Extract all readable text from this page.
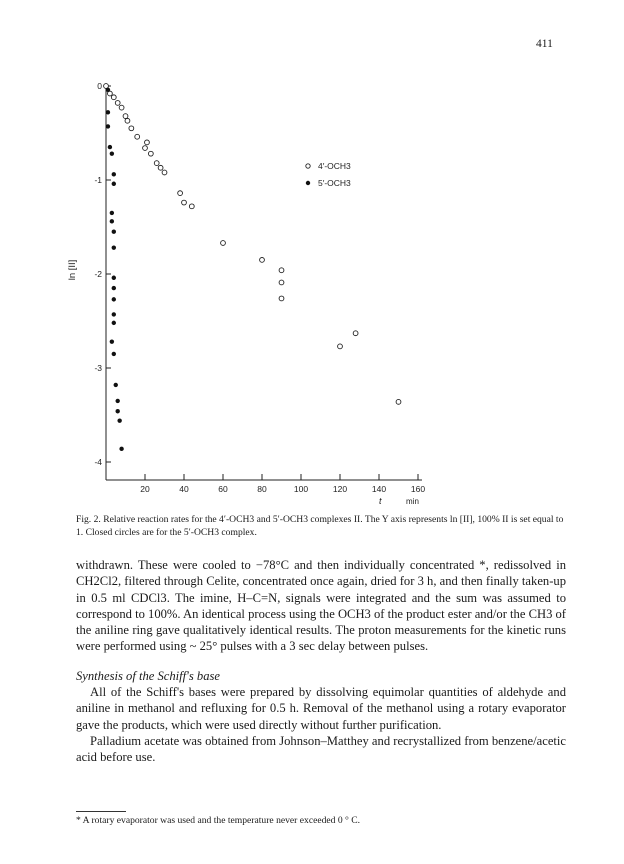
411
20	40	60	80	100	120	140	160
0
-1
-2
-3
-4
ln [II]
t	min
4′-OCH3
5′-OCH3
Fig. 2. Relative reaction rates for the 4′-OCH3 and 5′-OCH3 complexes II. The Y axis represents ln [II], 100% II is set equal to 1. Closed circles are for the 5′-OCH3 complex.

withdrawn. These were cooled to −78°C and then individually concentrated *, redissolved in CH2Cl2, filtered through Celite, concentrated once again, dried for 3 h, and then finally taken-up in 0.5 ml CDCl3. The imine, H–C=N, signals were integrated and the sum was assumed to correspond to 100%. An identical process using the OCH3 of the product ester and/or the CH3 of the aniline ring gave qualitatively identical results. The proton measurements for the kinetic runs were performed using ~ 25° pulses with a 3 sec delay between pulses.

Synthesis of the Schiff's base

All of the Schiff's bases were prepared by dissolving equimolar quantities of aldehyde and aniline in methanol and refluxing for 0.5 h. Removal of the methanol using a rotary evaporator gave the products, which were used directly without further purification.

Palladium acetate was obtained from Johnson–Matthey and recrystallized from benzene/acetic acid before use.

* A rotary evaporator was used and the temperature never exceeded 0 ° C.
